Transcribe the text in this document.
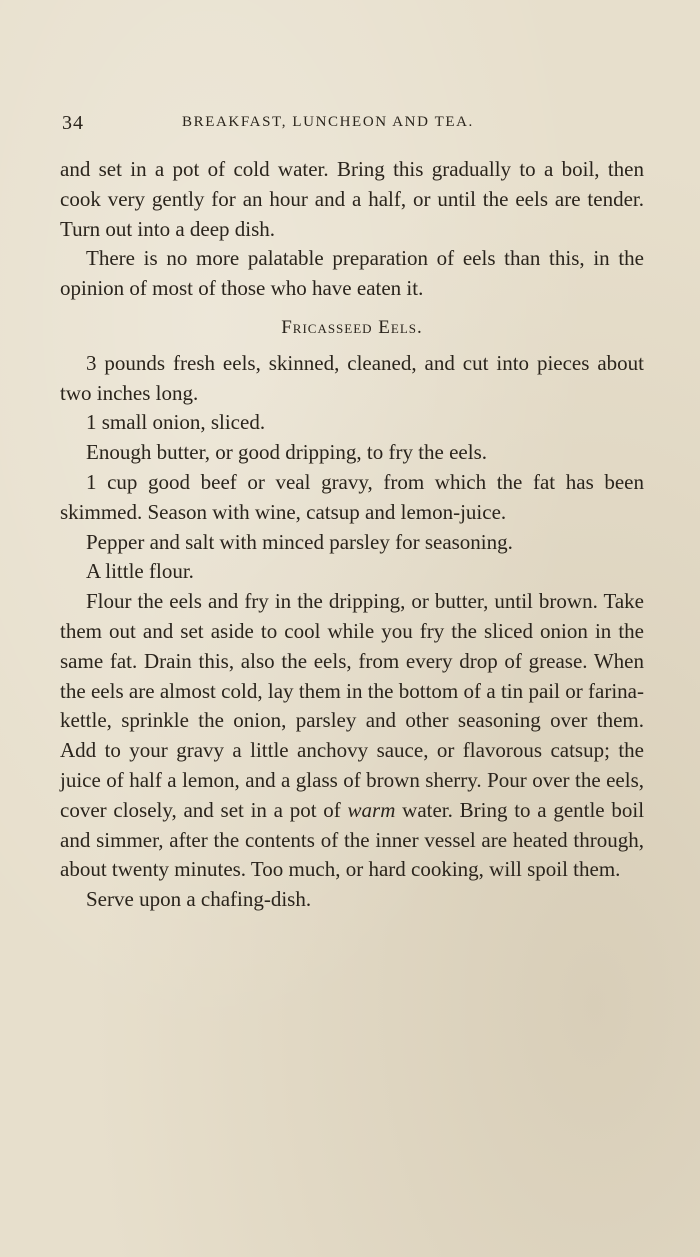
34	BREAKFAST, LUNCHEON AND TEA.

and set in a pot of cold water. Bring this gradually to a boil, then cook very gently for an hour and a half, or until the eels are tender. Turn out into a deep dish.

There is no more palatable preparation of eels than this, in the opinion of most of those who have eaten it.

Fricasseed Eels.

3 pounds fresh eels, skinned, cleaned, and cut into pieces about two inches long.

1 small onion, sliced.

Enough butter, or good dripping, to fry the eels.

1 cup good beef or veal gravy, from which the fat has been skimmed. Season with wine, catsup and lemon-juice.

Pepper and salt with minced parsley for seasoning.

A little flour.

Flour the eels and fry in the dripping, or butter, until brown. Take them out and set aside to cool while you fry the sliced onion in the same fat. Drain this, also the eels, from every drop of grease. When the eels are almost cold, lay them in the bottom of a tin pail or farina-kettle, sprinkle the onion, parsley and other seasoning over them. Add to your gravy a little anchovy sauce, or flavorous catsup; the juice of half a lemon, and a glass of brown sherry. Pour over the eels, cover closely, and set in a pot of warm water. Bring to a gentle boil and simmer, after the contents of the inner vessel are heated through, about twenty minutes. Too much, or hard cooking, will spoil them.

Serve upon a chafing-dish.
